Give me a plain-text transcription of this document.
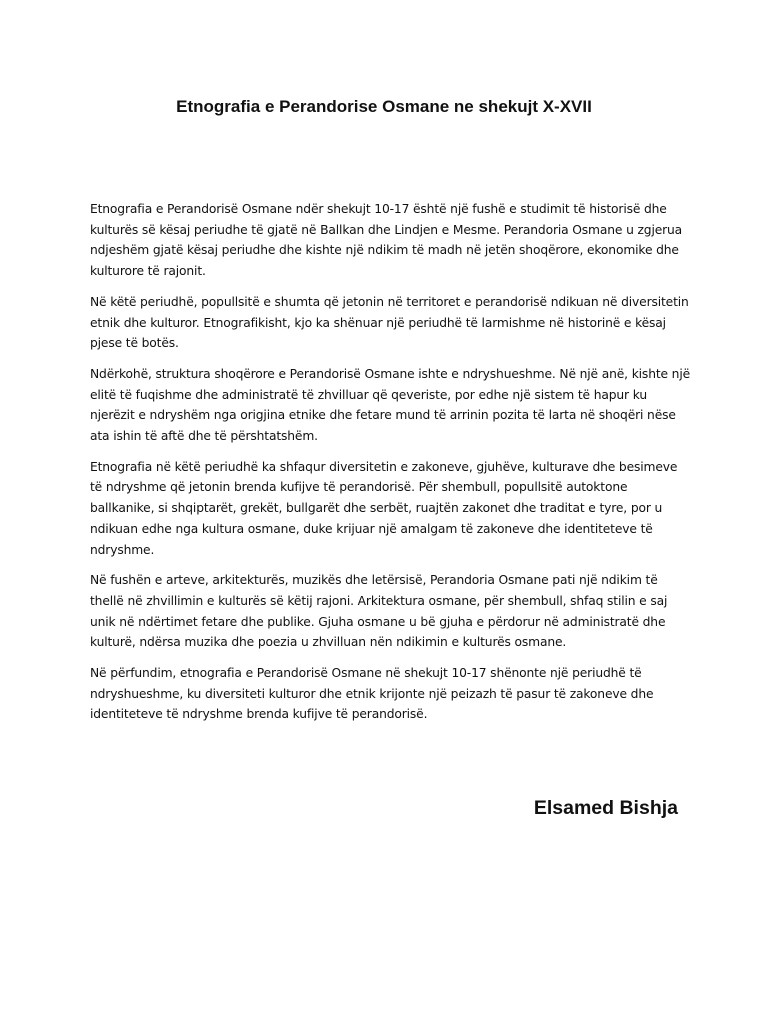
Etnografia e Perandorise Osmane ne shekujt X-XVII

Etnografia e Perandorisë Osmane ndër shekujt 10-17 është një fushë e studimit të historisë dhe kulturës së kësaj periudhe të gjatë në Ballkan dhe Lindjen e Mesme. Perandoria Osmane u zgjerua ndjeshëm gjatë kësaj periudhe dhe kishte një ndikim të madh në jetën shoqërore, ekonomike dhe kulturore të rajonit.

Në këtë periudhë, popullsitë e shumta që jetonin në territoret e perandorisë ndikuan në diversitetin etnik dhe kulturor. Etnografikisht, kjo ka shënuar një periudhë të larmishme në historinë e kësaj pjese të botës.

Ndërkohë, struktura shoqërore e Perandorisë Osmane ishte e ndryshueshme. Në një anë, kishte një elitë të fuqishme dhe administratë të zhvilluar që qeveriste, por edhe një sistem të hapur ku njerëzit e ndryshëm nga origjina etnike dhe fetare mund të arrinin pozita të larta në shoqëri nëse ata ishin të aftë dhe të përshtatshëm.

Etnografia në këtë periudhë ka shfaqur diversitetin e zakoneve, gjuhëve, kulturave dhe besimeve të ndryshme që jetonin brenda kufijve të perandorisë. Për shembull, popullsitë autoktone ballkanike, si shqiptarët, grekët, bullgarët dhe serbët, ruajtën zakonet dhe traditat e tyre, por u ndikuan edhe nga kultura osmane, duke krijuar një amalgam të zakoneve dhe identiteteve të ndryshme.

Në fushën e arteve, arkitekturës, muzikës dhe letërsisë, Perandoria Osmane pati një ndikim të thellë në zhvillimin e kulturës së këtij rajoni. Arkitektura osmane, për shembull, shfaq stilin e saj unik në ndërtimet fetare dhe publike. Gjuha osmane u bë gjuha e përdorur në administratë dhe kulturë, ndërsa muzika dhe poezia u zhvilluan nën ndikimin e kulturës osmane.

Në përfundim, etnografia e Perandorisë Osmane në shekujt 10-17 shënonte një periudhë të ndryshueshme, ku diversiteti kulturor dhe etnik krijonte një peizazh të pasur të zakoneve dhe identiteteve të ndryshme brenda kufijve të perandorisë.

Elsamed Bishja
